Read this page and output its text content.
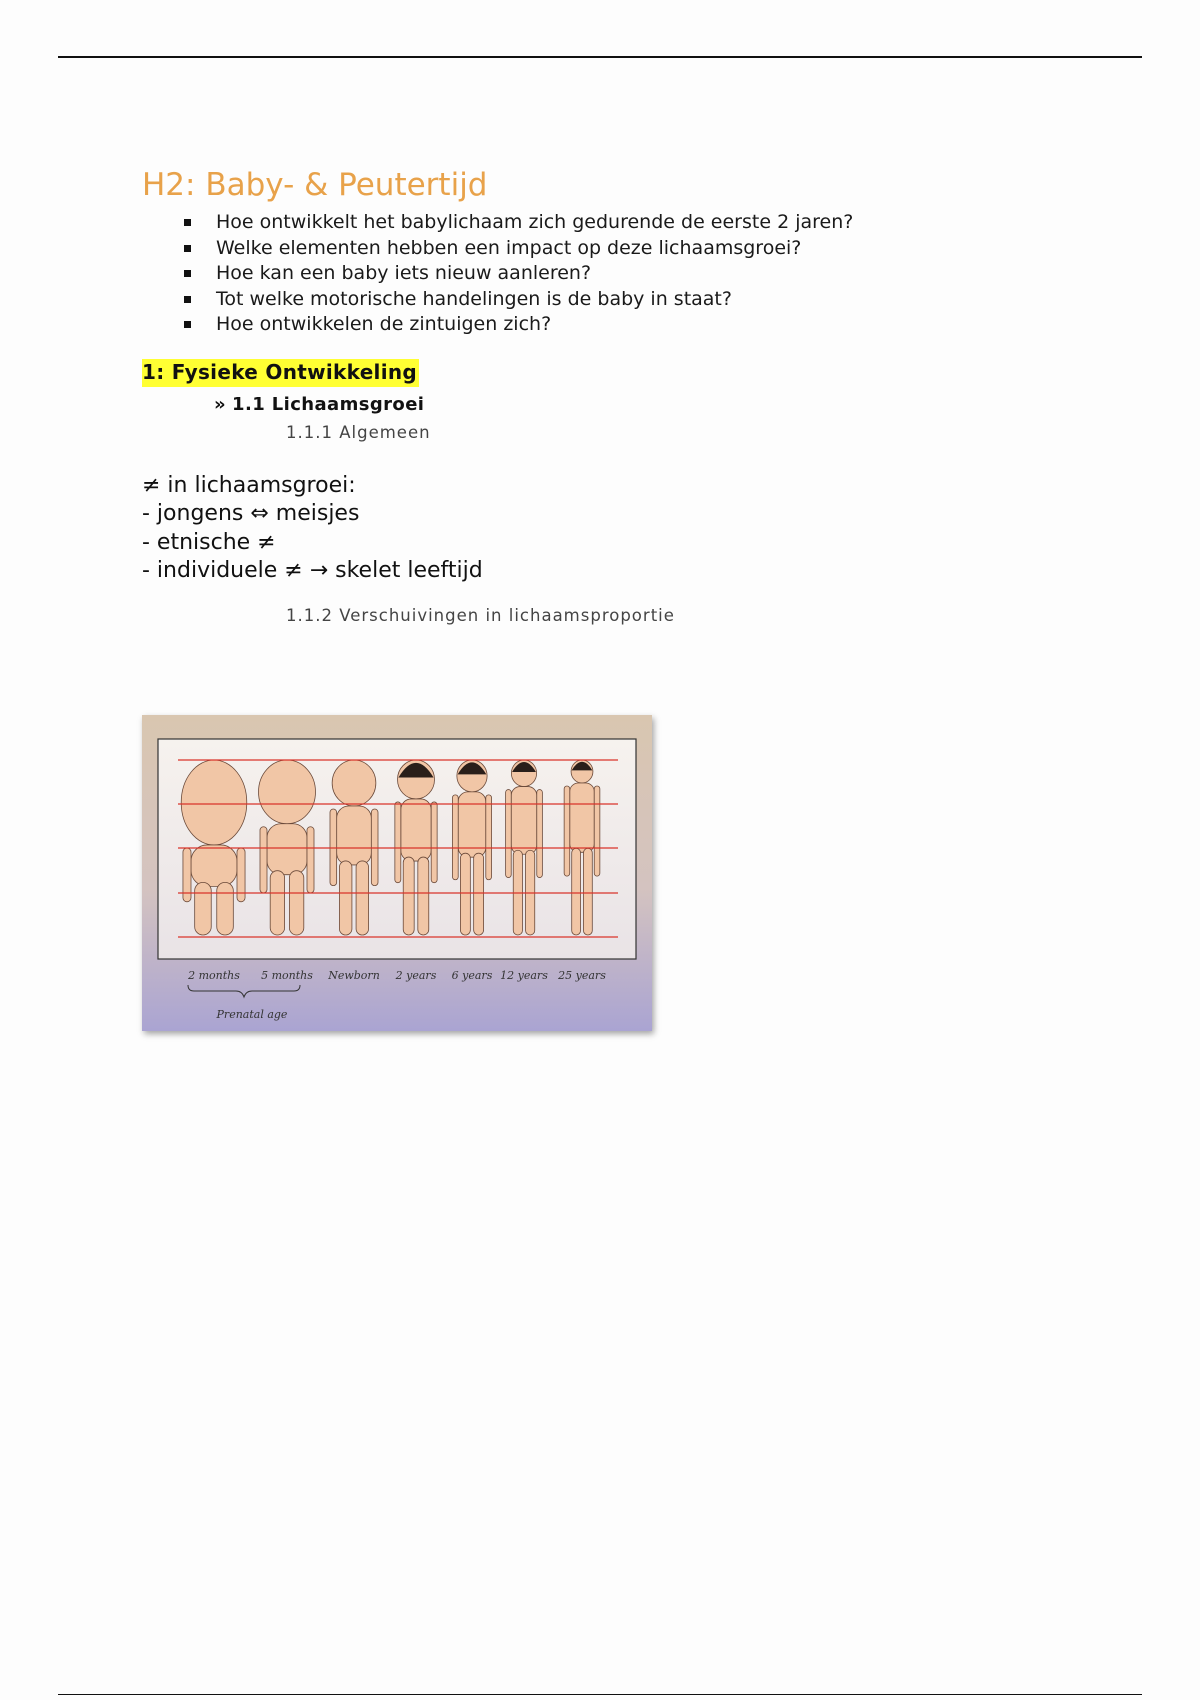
H2: Baby- & Peutertijd
Hoe ontwikkelt het babylichaam zich gedurende de eerste 2 jaren?
Welke elementen hebben een impact op deze lichaamsgroei?
Hoe kan een baby iets nieuw aanleren?
Tot welke motorische handelingen is de baby in staat?
Hoe ontwikkelen de zintuigen zich?
1: Fysieke Ontwikkeling
» 1.1 Lichaamsgroei
1.1.1 Algemeen
≠ in lichaamsgroei:
- jongens ⇔ meisjes
- etnische ≠
- individuele ≠ → skelet leeftijd
1.1.2 Verschuivingen in lichaamsproportie
2 months 5 months Newborn 2 years 6 years 12 years 25 years
Prenatal age
